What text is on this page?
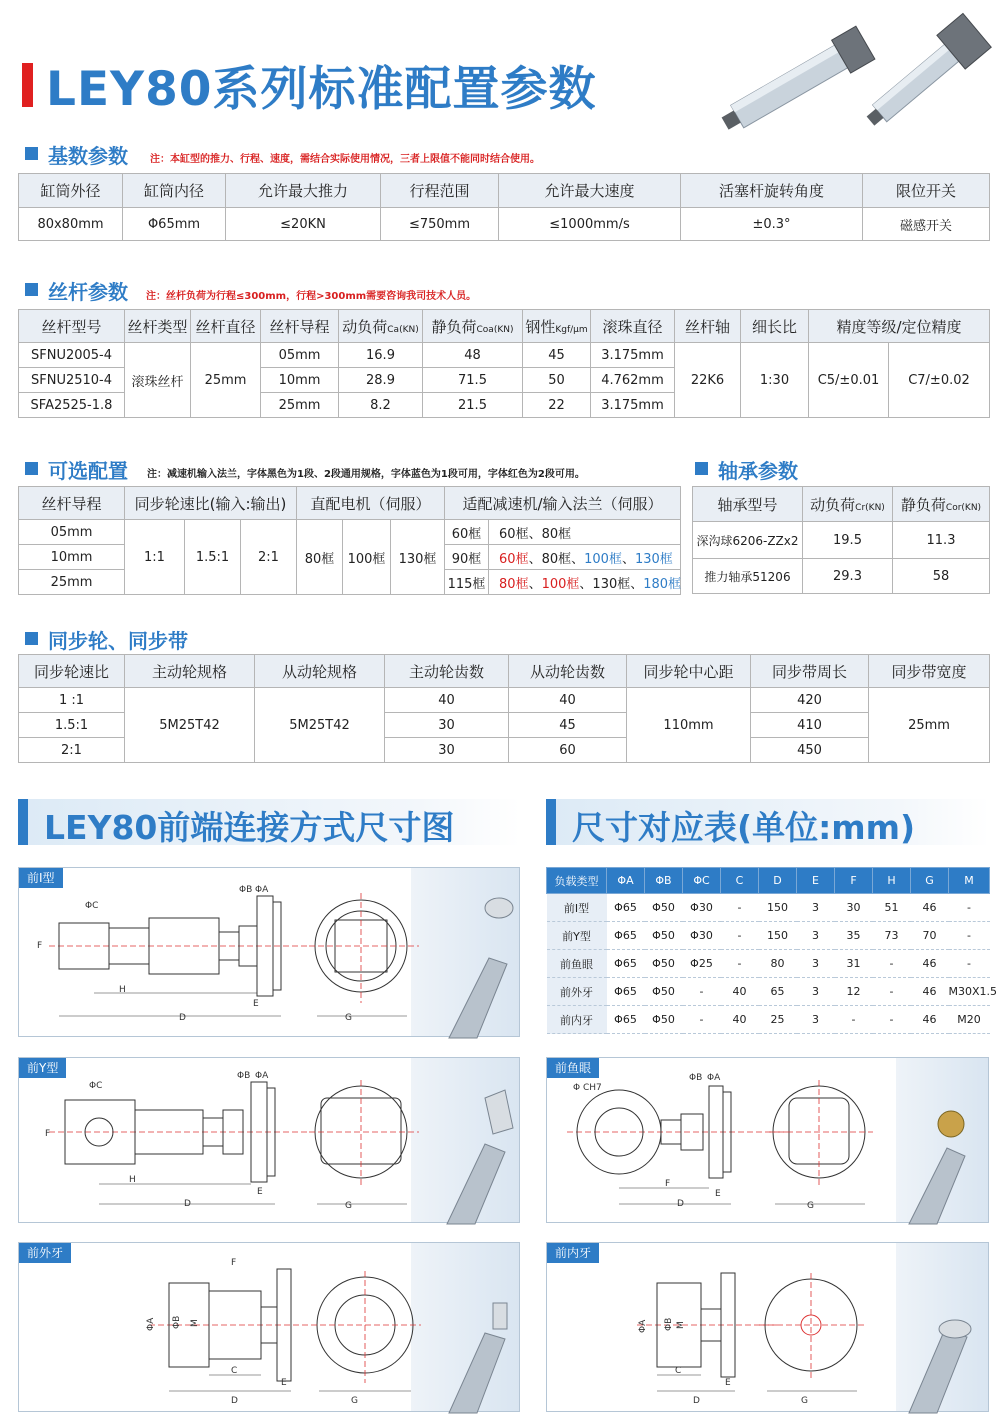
LEY80系列标准配置参数
基数参数 注：本缸型的推力、行程、速度，需结合实际使用情况，三者上限值不能同时结合使用。
缸筒外径	缸筒内径	允许最大推力	行程范围	允许最大速度	活塞杆旋转角度	限位开关
80x80mm	Φ65mm	≤20KN	≤750mm	≤1000mm/s	±0.3°	磁感开关
丝杆参数 注：丝杆负荷为行程≤300mm，行程>300mm需要咨询我司技术人员。
丝杆型号	丝杆类型	丝杆直径	丝杆导程	动负荷Ca(KN)	静负荷Coa(KN)	钢性Kgf/μm	滚珠直径	丝杆轴	细长比	精度等级/定位精度	
SFNU2005-4	滚珠丝杆	25mm	05mm	16.9	48	45	3.175mm	22K6	1:30	C5/±0.01	C7/±0.02
SFNU2510-4			10mm	28.9	71.5	50	4.762mm				
SFA2525-1.8			25mm	8.2	21.5	22	3.175mm				
可选配置 注：减速机输入法兰，字体黑色为1段、2段通用规格，字体蓝色为1段可用，字体红色为2段可用。
丝杆导程	同步轮速比(输入:输出)			直配电机（伺服）			适配减速机/输入法兰（伺服）	
05mm	1:1	1.5:1	2:1	80框	100框	130框	60框	60框、80框
10mm							90框	60框、80框、100框、130框
25mm							115框	80框、100框、130框、180框
轴承参数
轴承型号	动负荷Cr(KN)	静负荷Cor(KN)
深沟球6206-ZZx2	19.5	11.3
推力轴承51206	29.3	58
同步轮、同步带
同步轮速比	主动轮规格	从动轮规格	主动轮齿数	从动轮齿数	同步轮中心距	同步带周长	同步带宽度
1 :1	5M25T42	5M25T42	40	40	110mm	420	25mm
1.5:1			30	45		410	
2:1			30	60		450	
LEY80前端连接方式尺寸图	尺寸对应表(单位:mm)
负载类型	ΦA	ΦB	ΦC	C	D	E	F	H	G	M
前Ⅰ型	Φ65	Φ50	Φ30	-	150	3	30	51	46	-
前Y型	Φ65	Φ50	Φ30	-	150	3	35	73	70	-
前鱼眼	Φ65	Φ50	Φ25	-	80	3	31	-	46	-
前外牙	Φ65	Φ50	-	40	65	3	12	-	46	M30X1.5
前内牙	Φ65	Φ50	-	40	25	3	-	-	46	M20
ΦC
F
H
D
E
ΦB ΦA
G
前Ⅰ型
ΦC
F
H
D
E
ΦB ΦA
G
前Y型
Φ CH7
D
F
E
ΦB ΦA
G
前鱼眼
F
ΦA ΦB M
C
D
E
G
前外牙
ΦA ΦB M
C
D
E
G
前内牙
